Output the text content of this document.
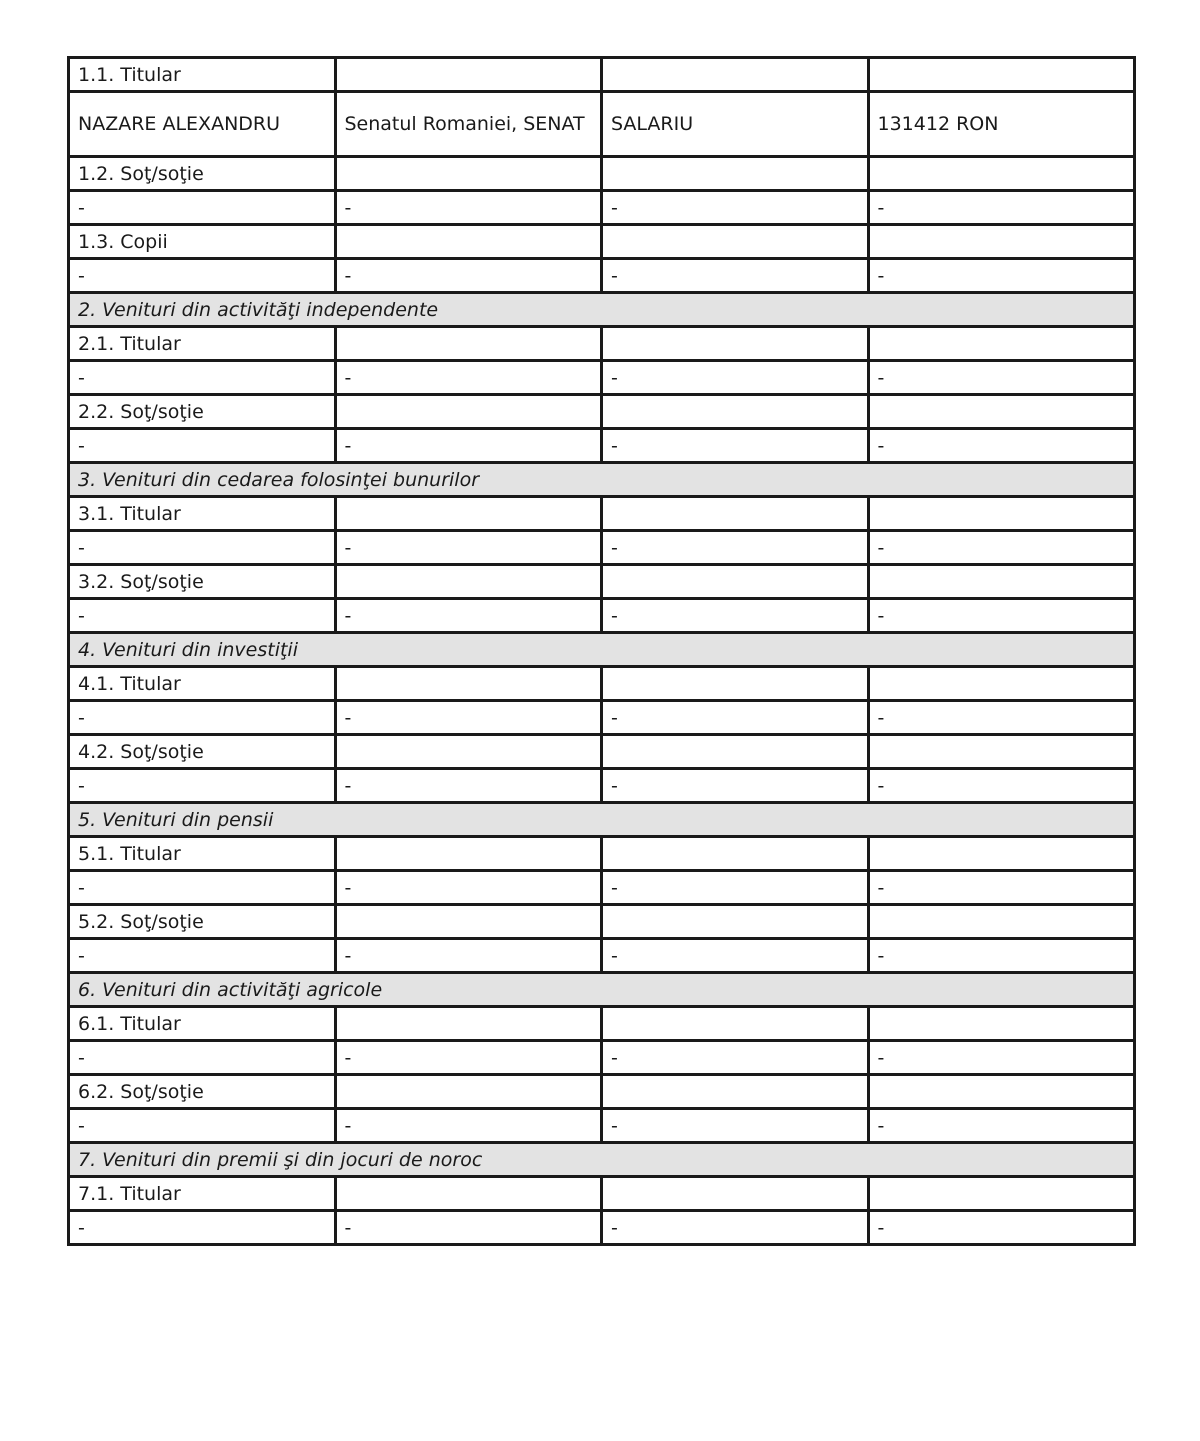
1.1. Titular			
NAZARE ALEXANDRU	Senatul Romaniei, SENAT	SALARIU	131412 RON
1.2. Soţ/soţie			
-	-	-	-
1.3. Copii			
-	-	-	-
2. Venituri din activităţi independente			
2.1. Titular			
-	-	-	-
2.2. Soţ/soţie			
-	-	-	-
3. Venituri din cedarea folosinţei bunurilor			
3.1. Titular			
-	-	-	-
3.2. Soţ/soţie			
-	-	-	-
4. Venituri din investiţii			
4.1. Titular			
-	-	-	-
4.2. Soţ/soţie			
-	-	-	-
5. Venituri din pensii			
5.1. Titular			
-	-	-	-
5.2. Soţ/soţie			
-	-	-	-
6. Venituri din activităţi agricole			
6.1. Titular			
-	-	-	-
6.2. Soţ/soţie			
-	-	-	-
7. Venituri din premii şi din jocuri de noroc			
7.1. Titular			
-	-	-	-
